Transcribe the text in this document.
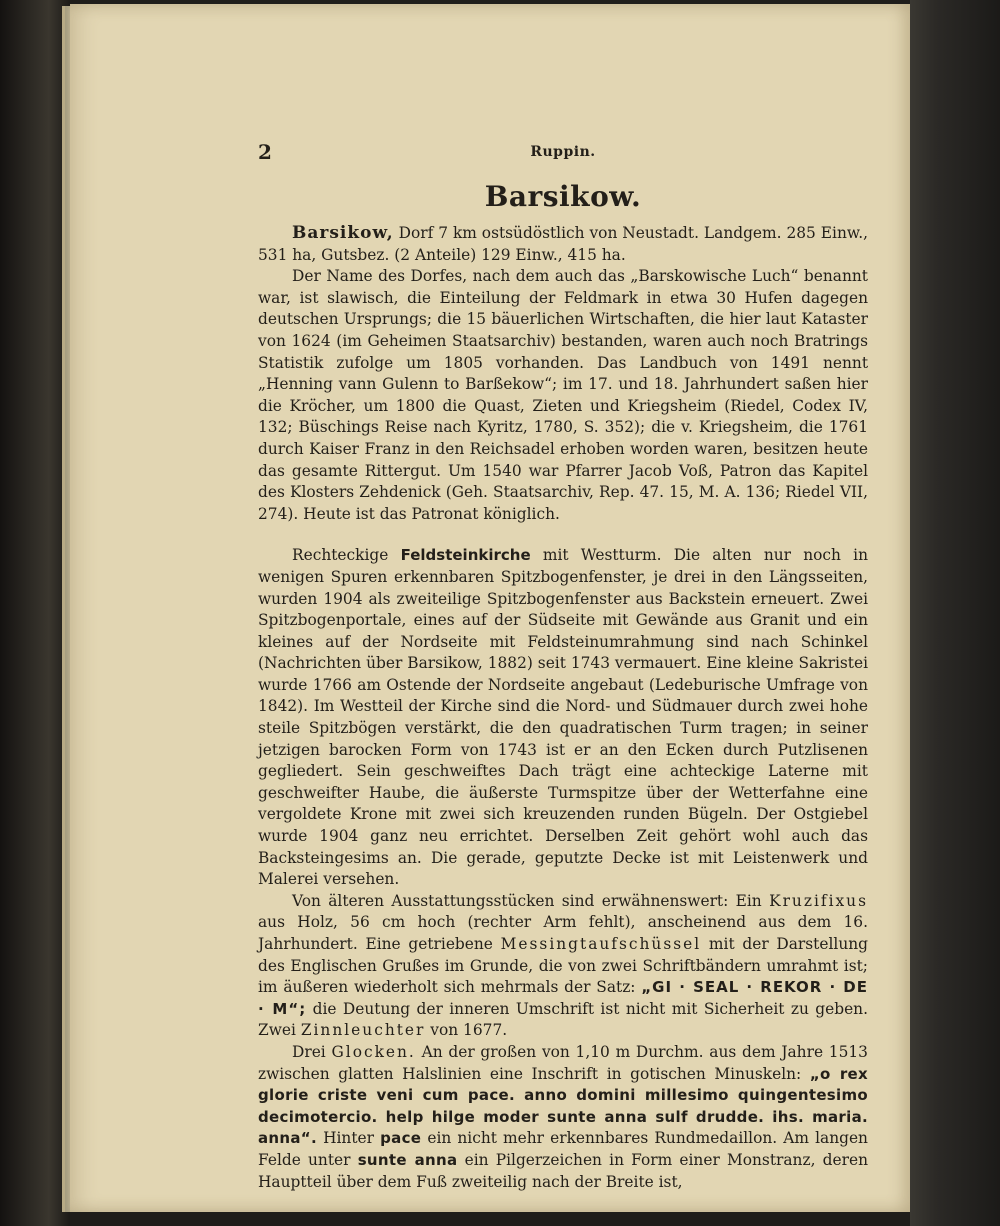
2	Ruppin.
Barsikow.

Barsikow, Dorf 7 km ostsüdöstlich von Neustadt. Landgem. 285 Einw., 531 ha, Gutsbez. (2 Anteile) 129 Einw., 415 ha.

Der Name des Dorfes, nach dem auch das „Barskowische Luch“ benannt war, ist slawisch, die Einteilung der Feldmark in etwa 30 Hufen dagegen deutschen Ursprungs; die 15 bäuerlichen Wirtschaften, die hier laut Kataster von 1624 (im Geheimen Staatsarchiv) bestanden, waren auch noch Bratrings Statistik zufolge um 1805 vorhanden. Das Landbuch von 1491 nennt „Henning vann Gulenn to Barßekow“; im 17. und 18. Jahrhundert saßen hier die Kröcher, um 1800 die Quast, Zieten und Kriegsheim (Riedel, Codex IV, 132; Büschings Reise nach Kyritz, 1780, S. 352); die v. Kriegsheim, die 1761 durch Kaiser Franz in den Reichsadel erhoben worden waren, besitzen heute das gesamte Rittergut. Um 1540 war Pfarrer Jacob Voß, Patron das Kapitel des Klosters Zehdenick (Geh. Staatsarchiv, Rep. 47. 15, M. A. 136; Riedel VII, 274). Heute ist das Patronat königlich.

Rechteckige Feldsteinkirche mit Westturm. Die alten nur noch in wenigen Spuren erkennbaren Spitzbogenfenster, je drei in den Längsseiten, wurden 1904 als zweiteilige Spitzbogenfenster aus Backstein erneuert. Zwei Spitzbogenportale, eines auf der Südseite mit Gewände aus Granit und ein kleines auf der Nordseite mit Feldsteinumrahmung sind nach Schinkel (Nachrichten über Barsikow, 1882) seit 1743 vermauert. Eine kleine Sakristei wurde 1766 am Ostende der Nordseite angebaut (Ledeburische Umfrage von 1842). Im Westteil der Kirche sind die Nord- und Südmauer durch zwei hohe steile Spitzbögen verstärkt, die den quadratischen Turm tragen; in seiner jetzigen barocken Form von 1743 ist er an den Ecken durch Putzlisenen gegliedert. Sein geschweiftes Dach trägt eine achteckige Laterne mit geschweifter Haube, die äußerste Turmspitze über der Wetterfahne eine vergoldete Krone mit zwei sich kreuzenden runden Bügeln. Der Ostgiebel wurde 1904 ganz neu errichtet. Derselben Zeit gehört wohl auch das Backsteingesims an. Die gerade, geputzte Decke ist mit Leistenwerk und Malerei versehen.

Von älteren Ausstattungsstücken sind erwähnenswert: Ein Kruzifixus aus Holz, 56 cm hoch (rechter Arm fehlt), anscheinend aus dem 16. Jahrhundert. Eine getriebene Messingtaufschüssel mit der Darstellung des Englischen Grußes im Grunde, die von zwei Schriftbändern umrahmt ist; im äußeren wiederholt sich mehrmals der Satz: „GI · SEAL · REKOR · DE · M“; die Deutung der inneren Umschrift ist nicht mit Sicherheit zu geben. Zwei Zinnleuchter von 1677.

Drei Glocken. An der großen von 1,10 m Durchm. aus dem Jahre 1513 zwischen glatten Halslinien eine Inschrift in gotischen Minuskeln: „o rex glorie criste veni cum pace. anno domini millesimo quingentesimo decimotercio. help hilge moder sunte anna sulf drudde. ihs. maria. anna“. Hinter pace ein nicht mehr erkennbares Rundmedaillon. Am langen Felde unter sunte anna ein Pilgerzeichen in Form einer Monstranz, deren Hauptteil über dem Fuß zweiteilig nach der Breite ist,
